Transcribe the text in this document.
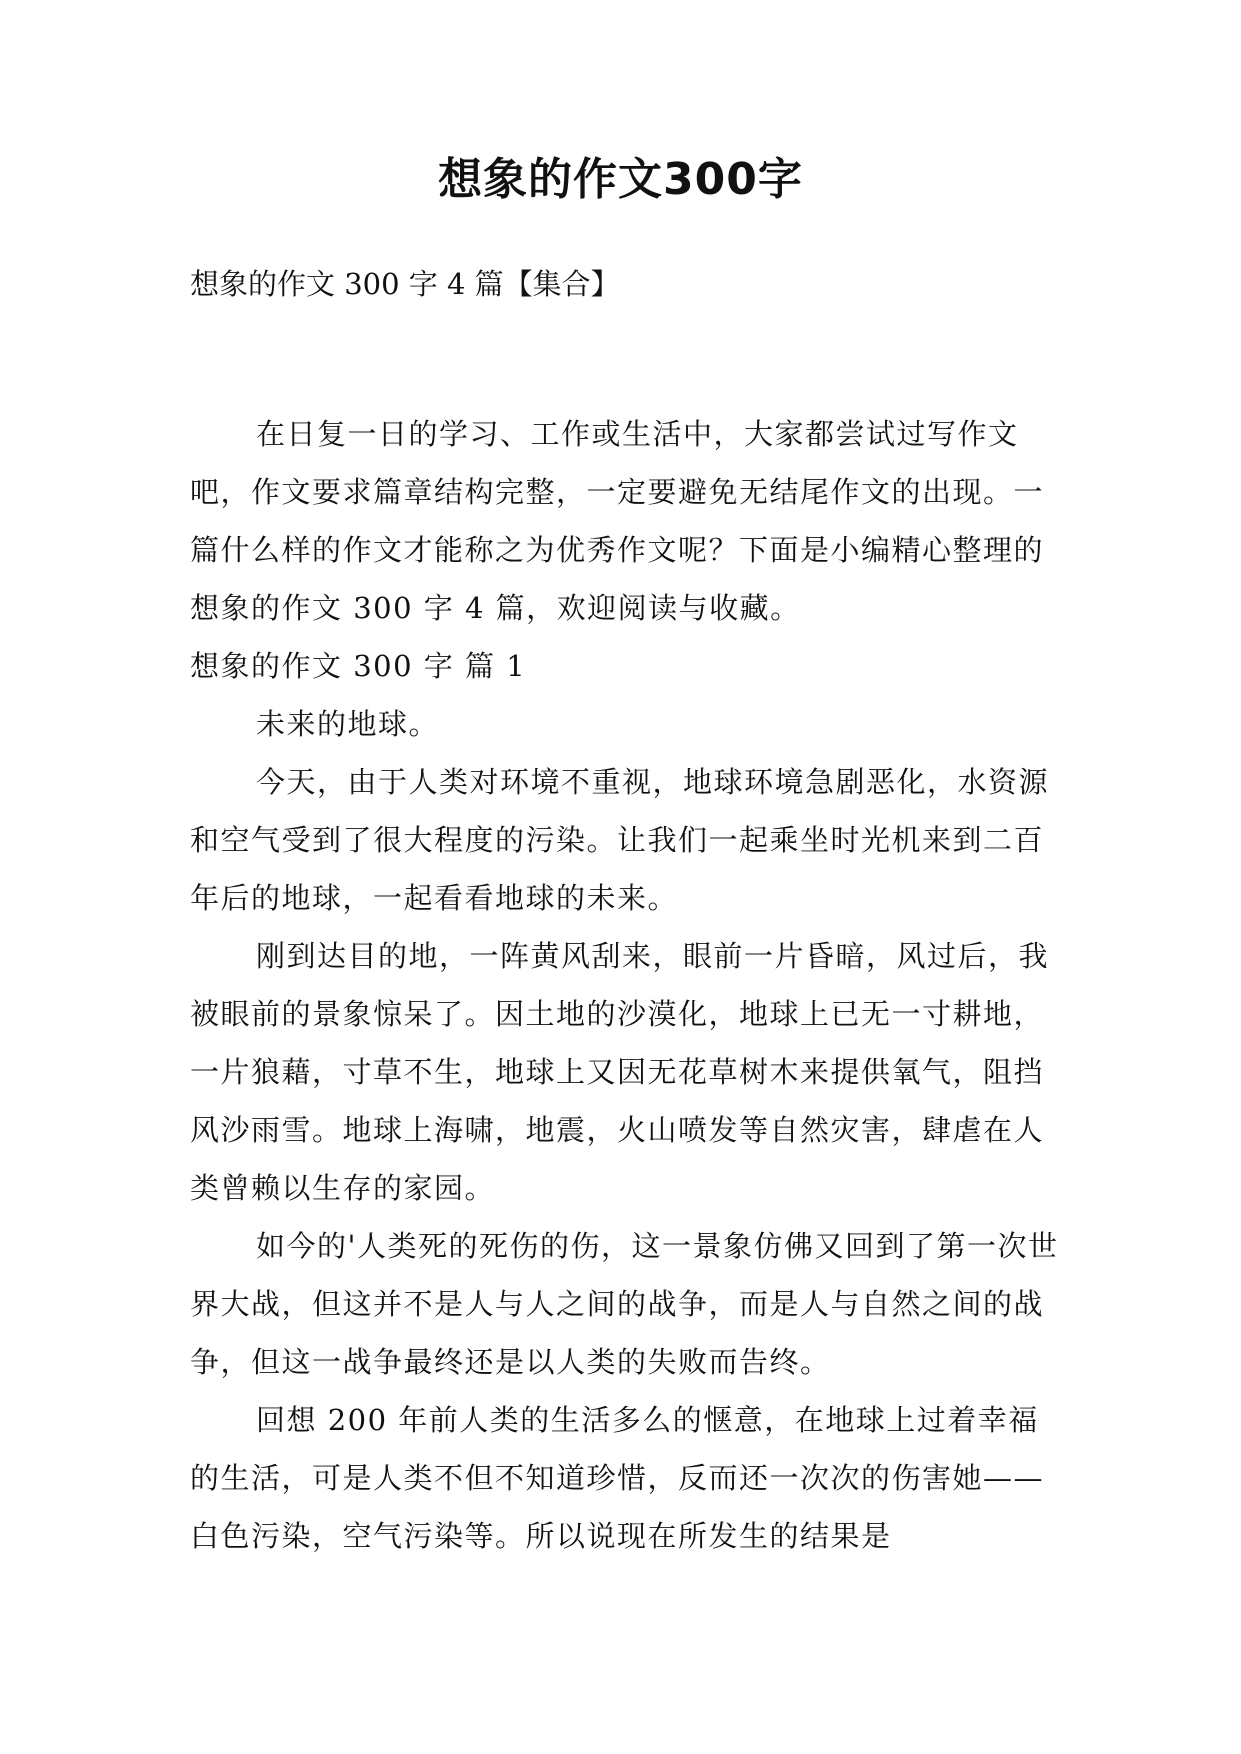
想象的作文300字

想象的作文 300 字 4 篇【集合】

在日复一日的学习、工作或生活中，大家都尝试过写作文吧，作文要求篇章结构完整，一定要避免无结尾作文的出现。一篇什么样的作文才能称之为优秀作文呢？下面是小编精心整理的想象的作文 300 字 4 篇，欢迎阅读与收藏。

想象的作文 300 字 篇 1

未来的地球。

今天，由于人类对环境不重视，地球环境急剧恶化，水资源和空气受到了很大程度的污染。让我们一起乘坐时光机来到二百年后的地球，一起看看地球的未来。

刚到达目的地，一阵黄风刮来，眼前一片昏暗，风过后，我被眼前的景象惊呆了。因土地的沙漠化，地球上已无一寸耕地，一片狼藉，寸草不生，地球上又因无花草树木来提供氧气，阻挡风沙雨雪。地球上海啸，地震，火山喷发等自然灾害，肆虐在人类曾赖以生存的家园。

如今的'人类死的死伤的伤，这一景象仿佛又回到了第一次世界大战，但这并不是人与人之间的战争，而是人与自然之间的战争，但这一战争最终还是以人类的失败而告终。

回想 200 年前人类的生活多么的惬意，在地球上过着幸福的生活，可是人类不但不知道珍惜，反而还一次次的伤害她——白色污染，空气污染等。所以说现在所发生的结果是
